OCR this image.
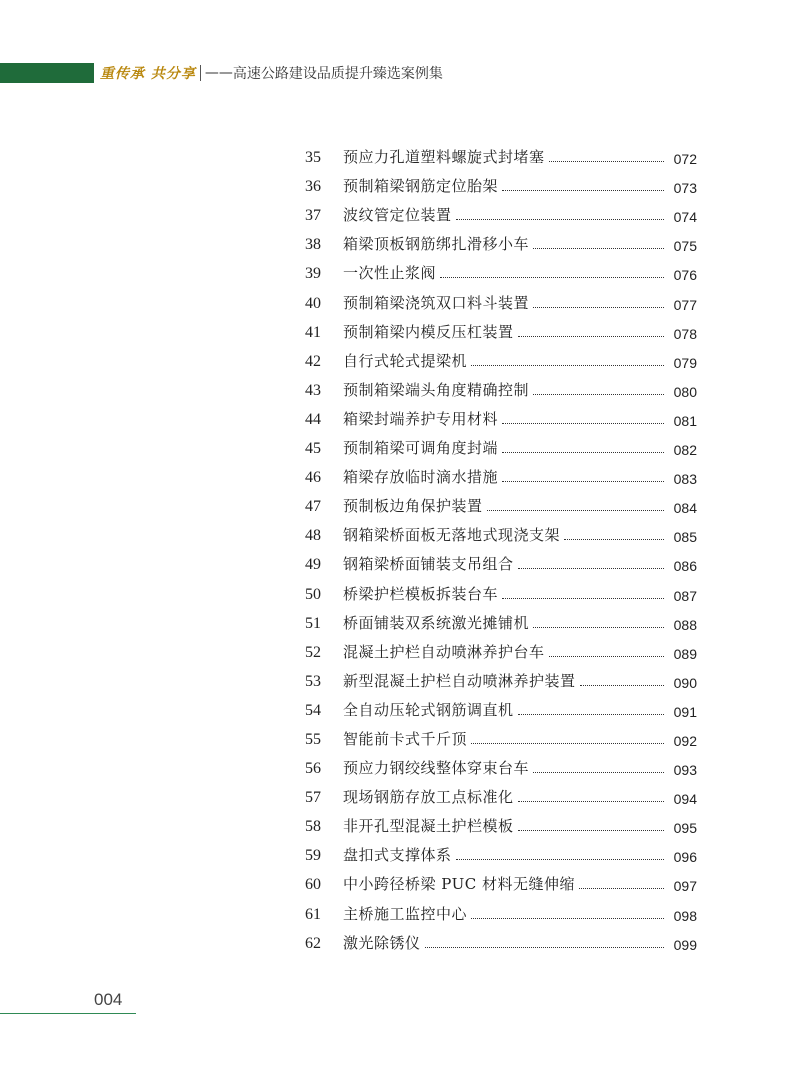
重传承 共分享 —— 高速公路建设品质提升臻选案例集
35	预应力孔道塑料螺旋式封堵塞	072
36	预制箱梁钢筋定位胎架	073
37	波纹管定位装置	074
38	箱梁顶板钢筋绑扎滑移小车	075
39	一次性止浆阀	076
40	预制箱梁浇筑双口料斗装置	077
41	预制箱梁内模反压杠装置	078
42	自行式轮式提梁机	079
43	预制箱梁端头角度精确控制	080
44	箱梁封端养护专用材料	081
45	预制箱梁可调角度封端	082
46	箱梁存放临时滴水措施	083
47	预制板边角保护装置	084
48	钢箱梁桥面板无落地式现浇支架	085
49	钢箱梁桥面铺装支吊组合	086
50	桥梁护栏模板拆装台车	087
51	桥面铺装双系统激光摊铺机	088
52	混凝土护栏自动喷淋养护台车	089
53	新型混凝土护栏自动喷淋养护装置	090
54	全自动压轮式钢筋调直机	091
55	智能前卡式千斤顶	092
56	预应力钢绞线整体穿束台车	093
57	现场钢筋存放工点标准化	094
58	非开孔型混凝土护栏模板	095
59	盘扣式支撑体系	096
60	中小跨径桥梁 PUC 材料无缝伸缩	097
61	主桥施工监控中心	098
62	激光除锈仪	099
004
